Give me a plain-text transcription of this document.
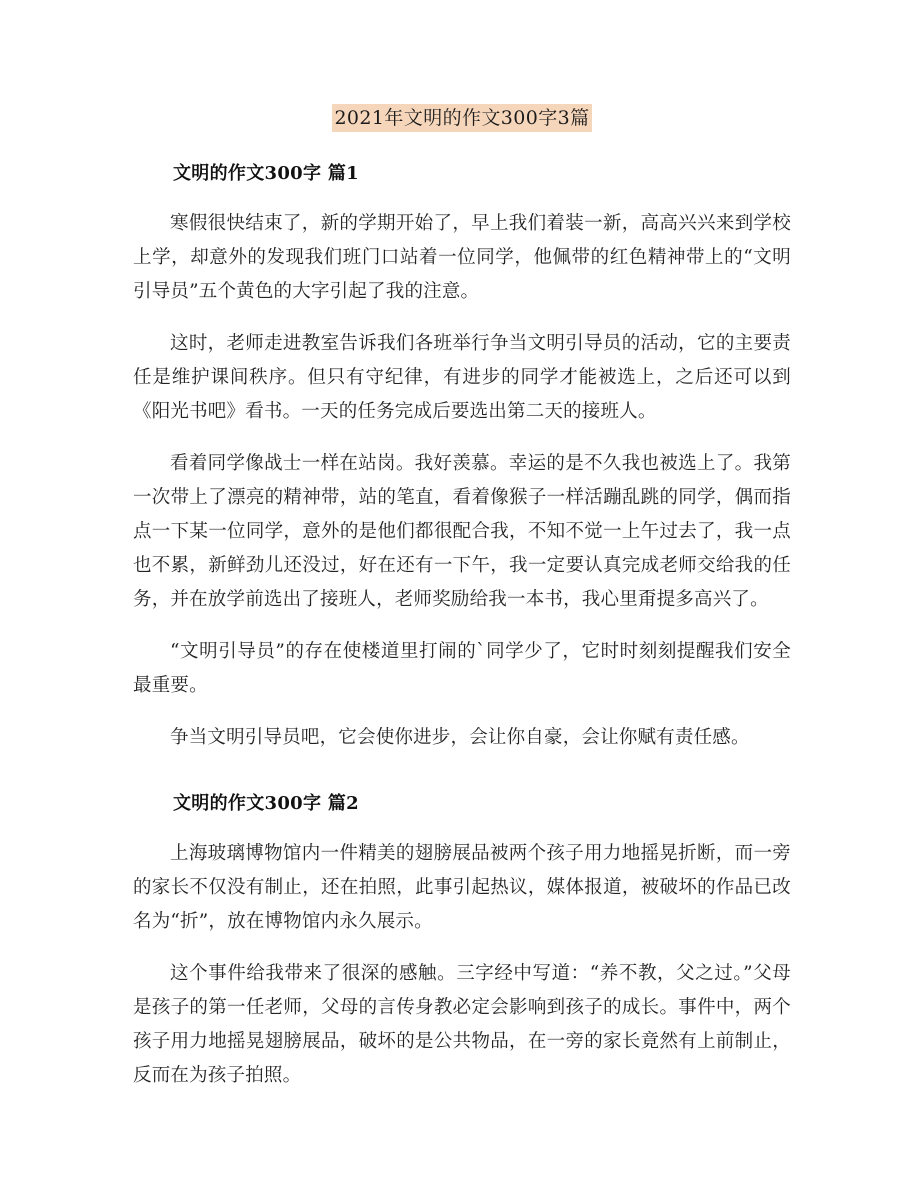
2021年文明的作文300字3篇
文明的作文300字 篇1

寒假很快结束了，新的学期开始了，早上我们着装一新，高高兴兴来到学校上学，却意外的发现我们班门口站着一位同学，他佩带的红色精神带上的“文明引导员”五个黄色的大字引起了我的注意。

这时，老师走进教室告诉我们各班举行争当文明引导员的活动，它的主要责任是维护课间秩序。但只有守纪律，有进步的同学才能被选上，之后还可以到《阳光书吧》看书。一天的任务完成后要选出第二天的接班人。

看着同学像战士一样在站岗。我好羡慕。幸运的是不久我也被选上了。我第一次带上了漂亮的精神带，站的笔直，看着像猴子一样活蹦乱跳的同学，偶而指点一下某一位同学，意外的是他们都很配合我，不知不觉一上午过去了，我一点也不累，新鲜劲儿还没过，好在还有一下午，我一定要认真完成老师交给我的任务，并在放学前选出了接班人，老师奖励给我一本书，我心里甭提多高兴了。

“文明引导员”的存在使楼道里打闹的`同学少了，它时时刻刻提醒我们安全最重要。

争当文明引导员吧，它会使你进步，会让你自豪，会让你赋有责任感。

文明的作文300字 篇2

上海玻璃博物馆内一件精美的翅膀展品被两个孩子用力地摇晃折断，而一旁的家长不仅没有制止，还在拍照，此事引起热议，媒体报道，被破坏的作品已改名为“折”，放在博物馆内永久展示。

这个事件给我带来了很深的感触。三字经中写道：“养不教，父之过。”父母是孩子的第一任老师，父母的言传身教必定会影响到孩子的成长。事件中，两个孩子用力地摇晃翅膀展品，破坏的是公共物品，在一旁的家长竟然有上前制止，反而在为孩子拍照。
